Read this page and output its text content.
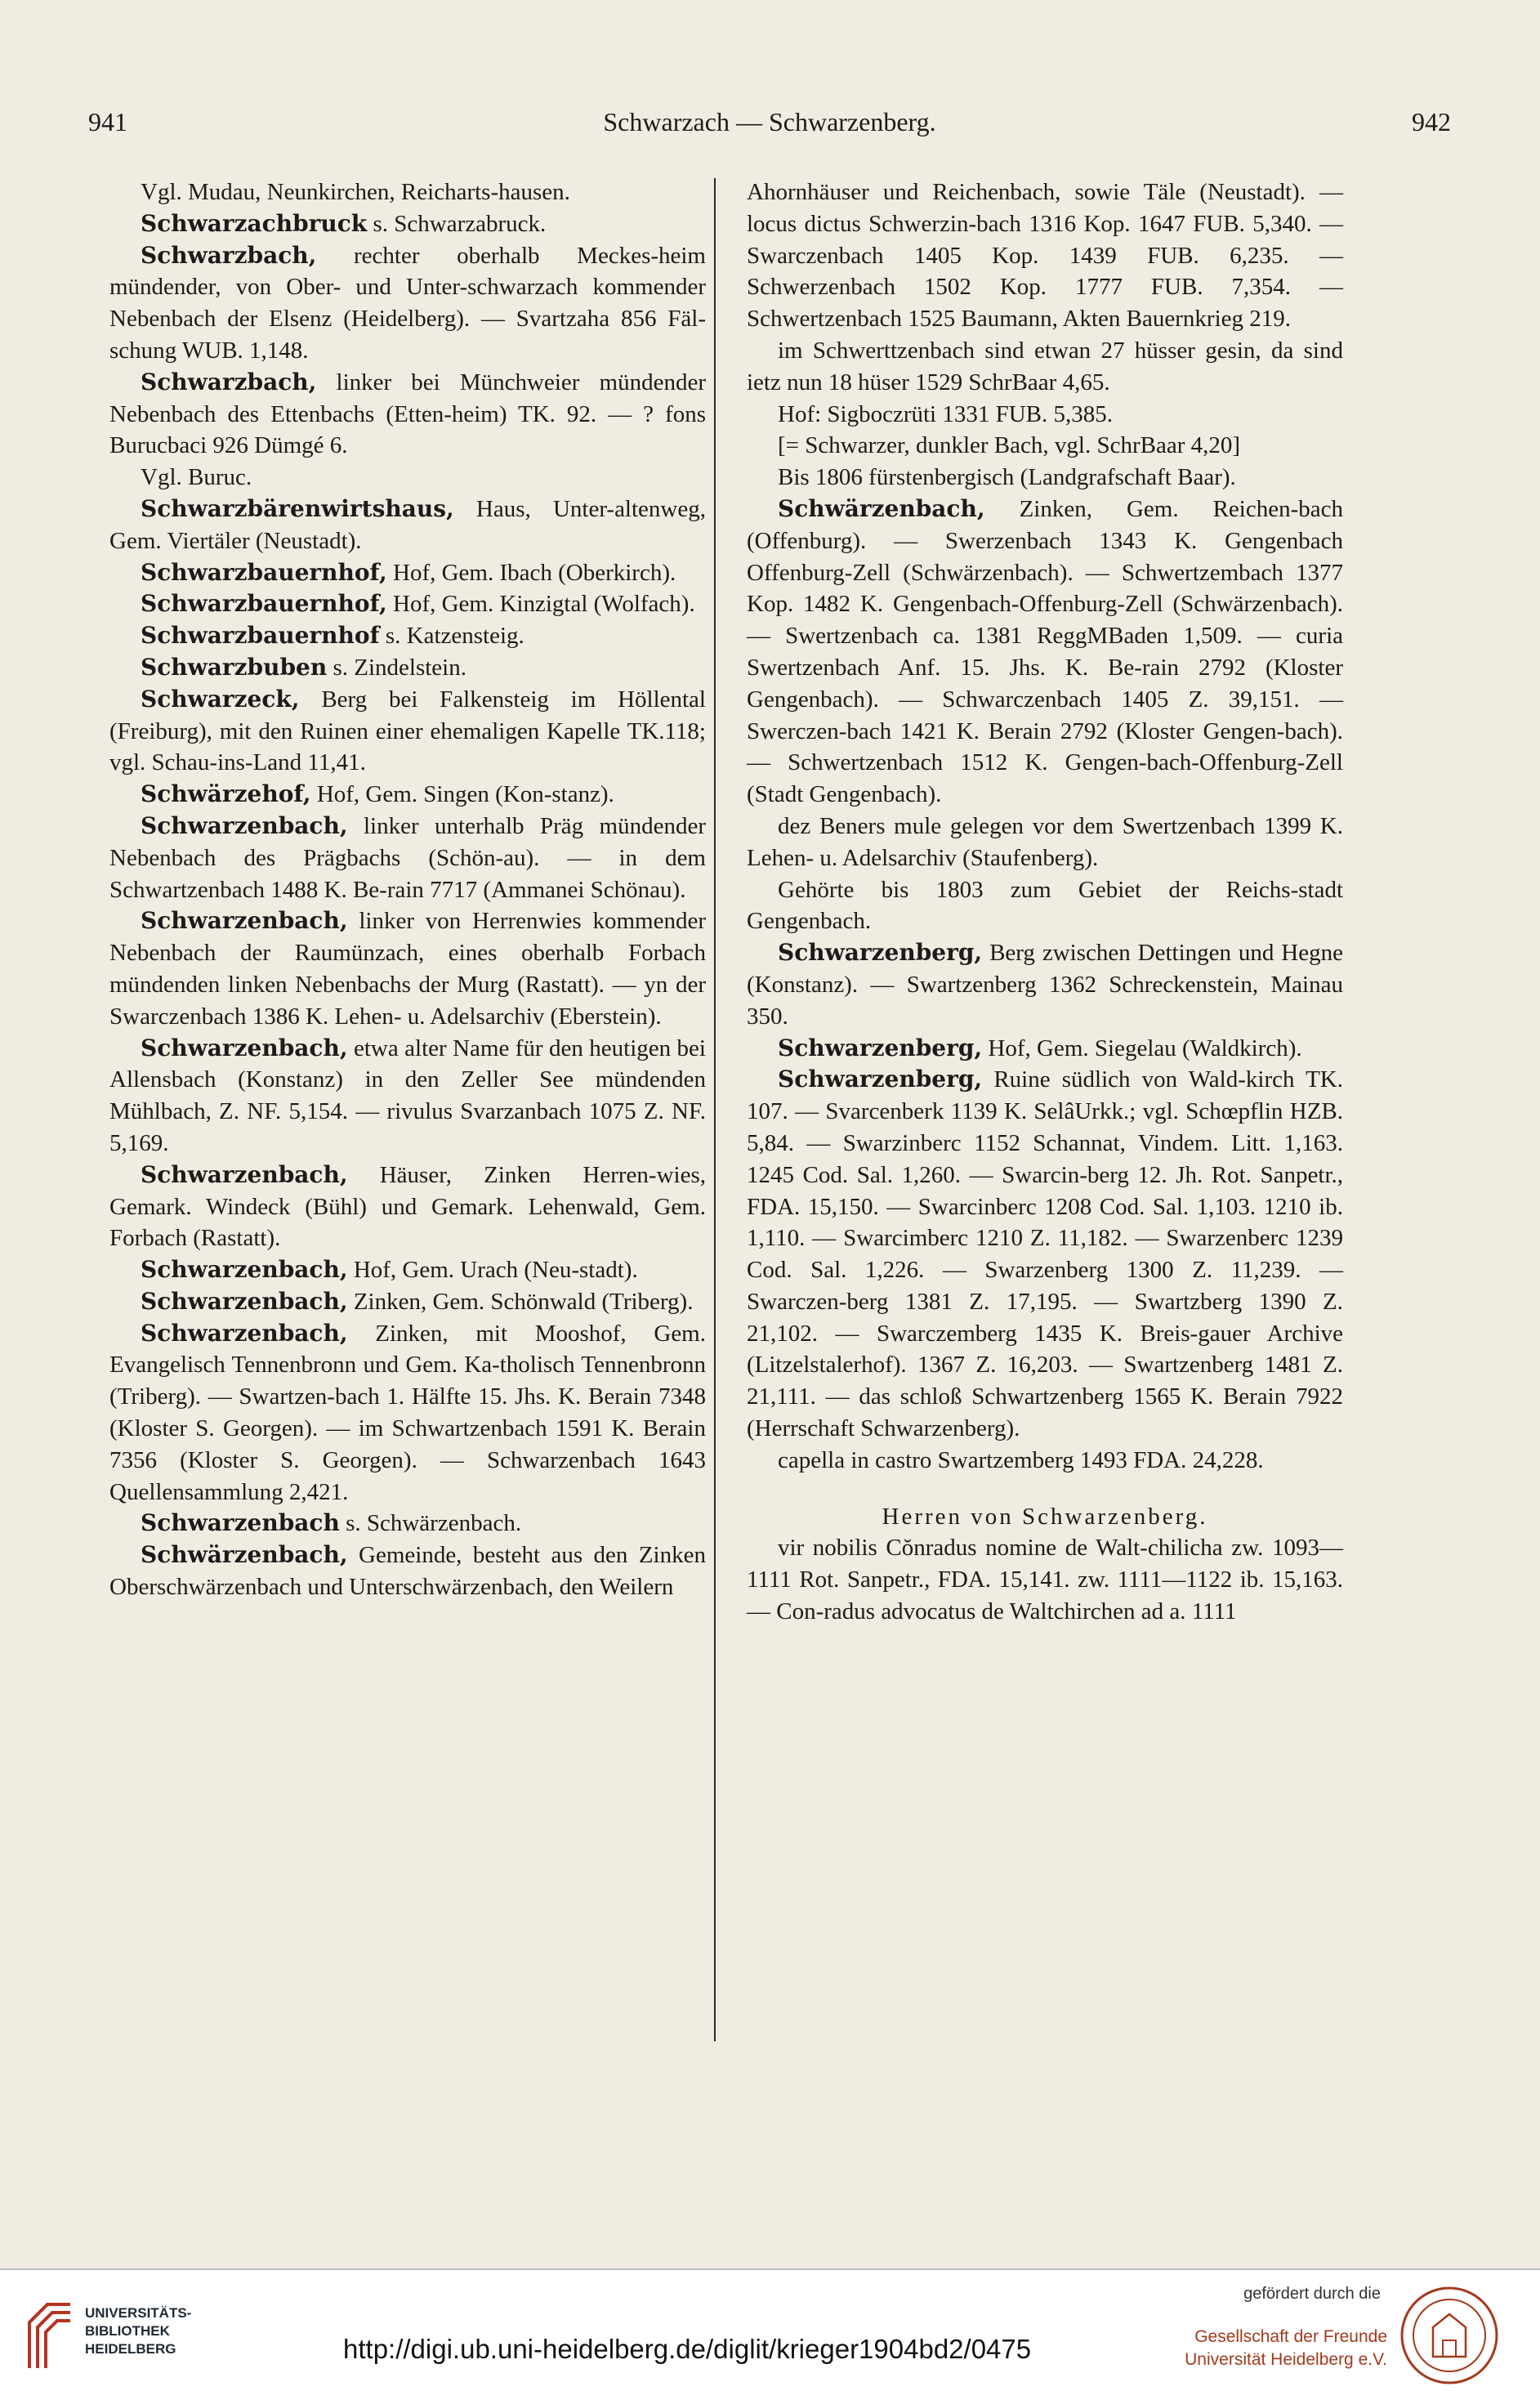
941	Schwarzach — Schwarzenberg.	942

Vgl. Mudau, Neunkirchen, Reicharts-hausen.

Schwarzachbruck s. Schwarzabruck.

Schwarzbach, rechter oberhalb Meckes-heim mündender, von Ober- und Unter-schwarzach kommender Nebenbach der Elsenz (Heidelberg). — Svartzaha 856 Fäl-schung WUB. 1,148.

Schwarzbach, linker bei Münchweier mündender Nebenbach des Ettenbachs (Etten-heim) TK. 92. — ? fons Burucbaci 926 Dümgé 6.

Vgl. Buruc.

Schwarzbärenwirtshaus, Haus, Unter-altenweg, Gem. Viertäler (Neustadt).

Schwarzbauernhof, Hof, Gem. Ibach (Oberkirch).

Schwarzbauernhof, Hof, Gem. Kinzigtal (Wolfach).

Schwarzbauernhof s. Katzensteig.

Schwarzbuben s. Zindelstein.

Schwarzeck, Berg bei Falkensteig im Höllental (Freiburg), mit den Ruinen einer ehemaligen Kapelle TK.118; vgl. Schau-ins-Land 11,41.

Schwärzehof, Hof, Gem. Singen (Kon-stanz).

Schwarzenbach, linker unterhalb Präg mündender Nebenbach des Prägbachs (Schön-au). — in dem Schwartzenbach 1488 K. Be-rain 7717 (Ammanei Schönau).

Schwarzenbach, linker von Herrenwies kommender Nebenbach der Raumünzach, eines oberhalb Forbach mündenden linken Nebenbachs der Murg (Rastatt). — yn der Swarczenbach 1386 K. Lehen- u. Adelsarchiv (Eberstein).

Schwarzenbach, etwa alter Name für den heutigen bei Allensbach (Konstanz) in den Zeller See mündenden Mühlbach, Z. NF. 5,154. — rivulus Svarzanbach 1075 Z. NF. 5,169.

Schwarzenbach, Häuser, Zinken Herren-wies, Gemark. Windeck (Bühl) und Gemark. Lehenwald, Gem. Forbach (Rastatt).

Schwarzenbach, Hof, Gem. Urach (Neu-stadt).

Schwarzenbach, Zinken, Gem. Schönwald (Triberg).

Schwarzenbach, Zinken, mit Mooshof, Gem. Evangelisch Tennenbronn und Gem. Ka-tholisch Tennenbronn (Triberg). — Swartzen-bach 1. Hälfte 15. Jhs. K. Berain 7348 (Kloster S. Georgen). — im Schwartzenbach 1591 K. Berain 7356 (Kloster S. Georgen). — Schwarzenbach 1643 Quellensammlung 2,421.

Schwarzenbach s. Schwärzenbach.

Schwärzenbach, Gemeinde, besteht aus den Zinken Oberschwärzenbach und Unterschwärzenbach, den Weilern

Ahornhäuser und Reichenbach, sowie Täle (Neustadt). — locus dictus Schwerzin-bach 1316 Kop. 1647 FUB. 5,340. — Swarczenbach 1405 Kop. 1439 FUB. 6,235. — Schwerzenbach 1502 Kop. 1777 FUB. 7,354. — Schwertzenbach 1525 Baumann, Akten Bauernkrieg 219.

im Schwerttzenbach sind etwan 27 hüsser gesin, da sind ietz nun 18 hüser 1529 SchrBaar 4,65.

Hof: Sigboczrüti 1331 FUB. 5,385.

[= Schwarzer, dunkler Bach, vgl. SchrBaar 4,20]

Bis 1806 fürstenbergisch (Landgrafschaft Baar).

Schwärzenbach, Zinken, Gem. Reichen-bach (Offenburg). — Swerzenbach 1343 K. Gengenbach Offenburg-Zell (Schwärzenbach). — Schwertzembach 1377 Kop. 1482 K. Gengenbach-Offenburg-Zell (Schwärzenbach). — Swertzenbach ca. 1381 ReggMBaden 1,509. — curia Swertzenbach Anf. 15. Jhs. K. Be-rain 2792 (Kloster Gengenbach). — Schwarczenbach 1405 Z. 39,151. — Swerczen-bach 1421 K. Berain 2792 (Kloster Gengen-bach). — Schwertzenbach 1512 K. Gengen-bach-Offenburg-Zell (Stadt Gengenbach).

dez Beners mule gelegen vor dem Swertzenbach 1399 K. Lehen- u. Adelsarchiv (Staufenberg).

Gehörte bis 1803 zum Gebiet der Reichs-stadt Gengenbach.

Schwarzenberg, Berg zwischen Dettingen und Hegne (Konstanz). — Swartzenberg 1362 Schreckenstein, Mainau 350.

Schwarzenberg, Hof, Gem. Siegelau (Waldkirch).

Schwarzenberg, Ruine südlich von Wald-kirch TK. 107. — Svarcenberk 1139 K. SelâUrkk.; vgl. Schœpflin HZB. 5,84. — Swarzinberc 1152 Schannat, Vindem. Litt. 1,163. 1245 Cod. Sal. 1,260. — Swarcin-berg 12. Jh. Rot. Sanpetr., FDA. 15,150. — Swarcinberc 1208 Cod. Sal. 1,103. 1210 ib. 1,110. — Swarcimberc 1210 Z. 11,182. — Swarzenberc 1239 Cod. Sal. 1,226. — Swarzenberg 1300 Z. 11,239. — Swarczen-berg 1381 Z. 17,195. — Swartzberg 1390 Z. 21,102. — Swarczemberg 1435 K. Breis-gauer Archive (Litzelstalerhof). 1367 Z. 16,203. — Swartzenberg 1481 Z. 21,111. — das schloß Schwartzenberg 1565 K. Berain 7922 (Herrschaft Schwarzenberg).

capella in castro Swartzemberg 1493 FDA. 24,228.

Herren von Schwarzenberg.

vir nobilis Cŏnradus nomine de Walt-chilicha zw. 1093—1111 Rot. Sanpetr., FDA. 15,141. zw. 1111—1122 ib. 15,163. — Con-radus advocatus de Waltchirchen ad a. 1111

UNIVERSITÄTS-
BIBLIOTHEK
HEIDELBERG	http://digi.ub.uni-heidelberg.de/diglit/krieger1904bd2/0475
gefördert durch die
Gesellschaft der Freunde
Universität Heidelberg e.V.
